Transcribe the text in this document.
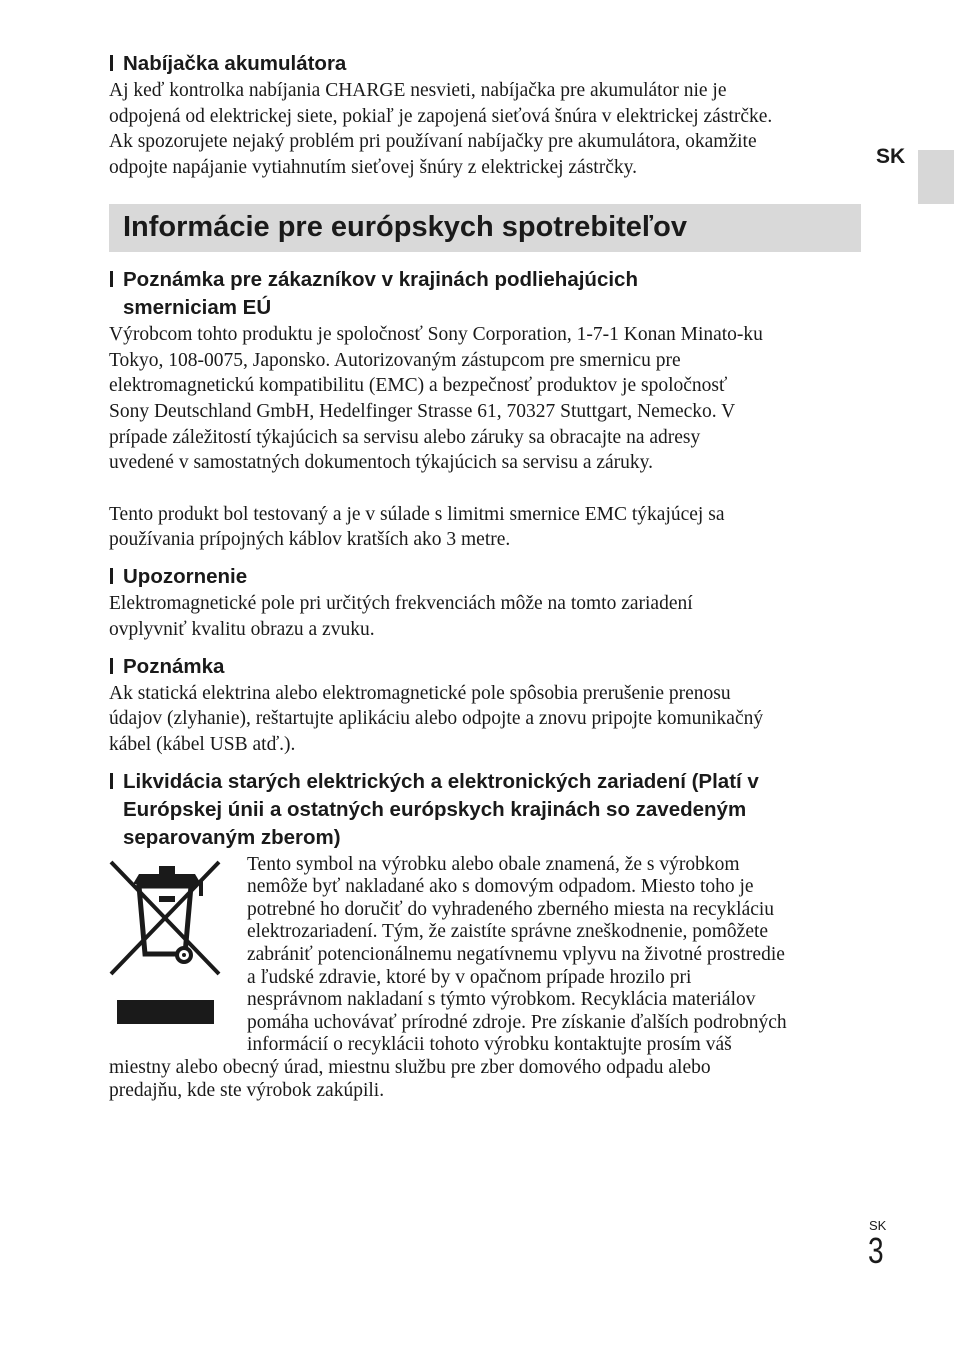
SK
Nabíjačka akumulátora
Aj keď kontrolka nabíjania CHARGE nesvieti, nabíjačka pre akumulátor nie je
odpojená od elektrickej siete, pokiaľ je zapojená sieťová šnúra v elektrickej zástrčke.
Ak spozorujete nejaký problém pri používaní nabíjačky pre akumulátora, okamžite
odpojte napájanie vytiahnutím sieťovej šnúry z elektrickej zástrčky.
Informácie pre európskych spotrebiteľov
Poznámka pre zákazníkov v krajinách podliehajúcich
smerniciam EÚ
Výrobcom tohto produktu je spoločnosť Sony Corporation, 1-7-1 Konan Minato-ku
Tokyo, 108-0075, Japonsko. Autorizovaným zástupcom pre smernicu pre
elektromagnetickú kompatibilitu (EMC) a bezpečnosť produktov je spoločnosť
Sony Deutschland GmbH, Hedelfinger Strasse 61, 70327 Stuttgart, Nemecko. V
prípade záležitostí týkajúcich sa servisu alebo záruky sa obracajte na adresy
uvedené v samostatných dokumentoch týkajúcich sa servisu a záruky.
Tento produkt bol testovaný a je v súlade s limitmi smernice EMC týkajúcej sa
používania prípojných káblov kratších ako 3 metre.
Upozornenie
Elektromagnetické pole pri určitých frekvenciách môže na tomto zariadení
ovplyvniť kvalitu obrazu a zvuku.
Poznámka
Ak statická elektrina alebo elektromagnetické pole spôsobia prerušenie prenosu
údajov (zlyhanie), reštartujte aplikáciu alebo odpojte a znovu pripojte komunikačný
kábel (kábel USB atď.).
Likvidácia starých elektrických a elektronických zariadení (Platí v
Európskej únii a ostatných európskych krajinách so zavedeným
separovaným zberom)
Tento symbol na výrobku alebo obale znamená, že s výrobkom
nemôže byť nakladané ako s domovým odpadom. Miesto toho je
potrebné ho doručiť do vyhradeného zberného miesta na recykláciu
elektrozariadení. Tým, že zaistíte správne zneškodnenie, pomôžete
zabrániť potencionálnemu negatívnemu vplyvu na životné prostredie
a ľudské zdravie, ktoré by v opačnom prípade hrozilo pri
nesprávnom nakladaní s týmto výrobkom. Recyklácia materiálov
pomáha uchovávať prírodné zdroje. Pre získanie ďalších podrobných
informácií o recyklácii tohoto výrobku kontaktujte prosím váš
miestny alebo obecný úrad, miestnu službu pre zber domového odpadu alebo
predajňu, kde ste výrobok zakúpili.
SK
3
